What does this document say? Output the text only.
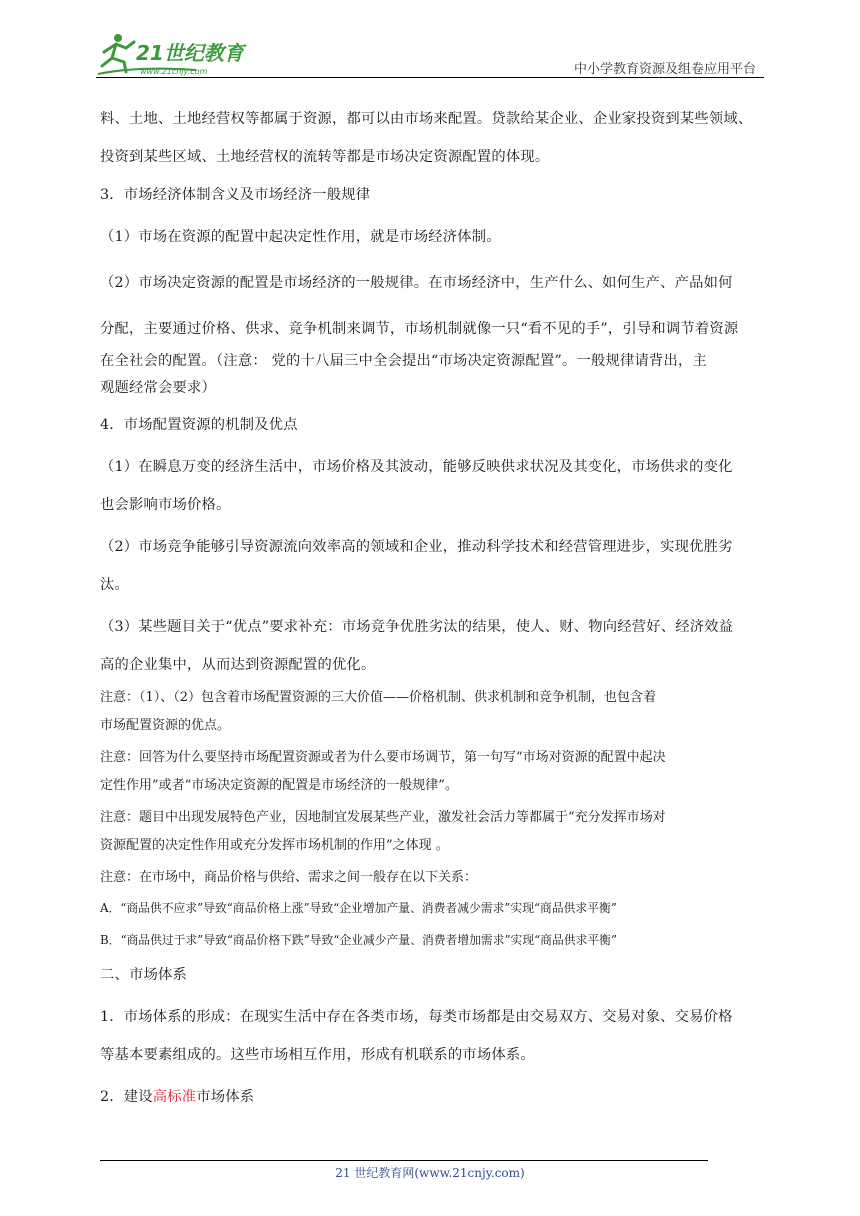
21世纪教育
www.21cnjy.com	中小学教育资源及组卷应用平台

料、土地、土地经营权等都属于资源，都可以由市场来配置。贷款给某企业、企业家投资到某些领域、

投资到某些区域、土地经营权的流转等都是市场决定资源配置的体现。

3．市场经济体制含义及市场经济一般规律

（1）市场在资源的配置中起决定性作用，就是市场经济体制。

（2）市场决定资源的配置是市场经济的一般规律。在市场经济中，生产什么、如何生产、产品如何

分配，主要通过价格、供求、竞争机制来调节，市场机制就像一只“看不见的手”，引导和调节着资源

在全社会的配置。（注意： 党的十八届三中全会提出“市场决定资源配置”。一般规律请背出，主

观题经常会要求）

4．市场配置资源的机制及优点

（1）在瞬息万变的经济生活中，市场价格及其波动，能够反映供求状况及其变化，市场供求的变化

也会影响市场价格。

（2）市场竞争能够引导资源流向效率高的领域和企业，推动科学技术和经营管理进步，实现优胜劣

汰。

（3）某些题目关于“优点”要求补充：市场竞争优胜劣汰的结果，使人、财、物向经营好、经济效益

高的企业集中，从而达到资源配置的优化。

注意：（1）、（2）包含着市场配置资源的三大价值——价格机制、供求机制和竞争机制，也包含着

市场配置资源的优点。

注意：回答为什么要坚持市场配置资源或者为什么要市场调节，第一句写“市场对资源的配置中起决

定性作用”或者“市场决定资源的配置是市场经济的一般规律”。

注意：题目中出现发展特色产业，因地制宜发展某些产业，激发社会活力等都属于“充分发挥市场对

资源配置的决定性作用或充分发挥市场机制的作用”之体现 。

注意：在市场中，商品价格与供给、需求之间一般存在以下关系：

A．“商品供不应求”导致“商品价格上涨”导致“企业增加产量、消费者减少需求”实现“商品供求平衡”

B．“商品供过于求”导致“商品价格下跌”导致“企业减少产量、消费者增加需求”实现“商品供求平衡”

二、市场体系

1．市场体系的形成：在现实生活中存在各类市场，每类市场都是由交易双方、交易对象、交易价格

等基本要素组成的。这些市场相互作用，形成有机联系的市场体系。

2．建设高标准市场体系

21 世纪教育网(www.21cnjy.com)
